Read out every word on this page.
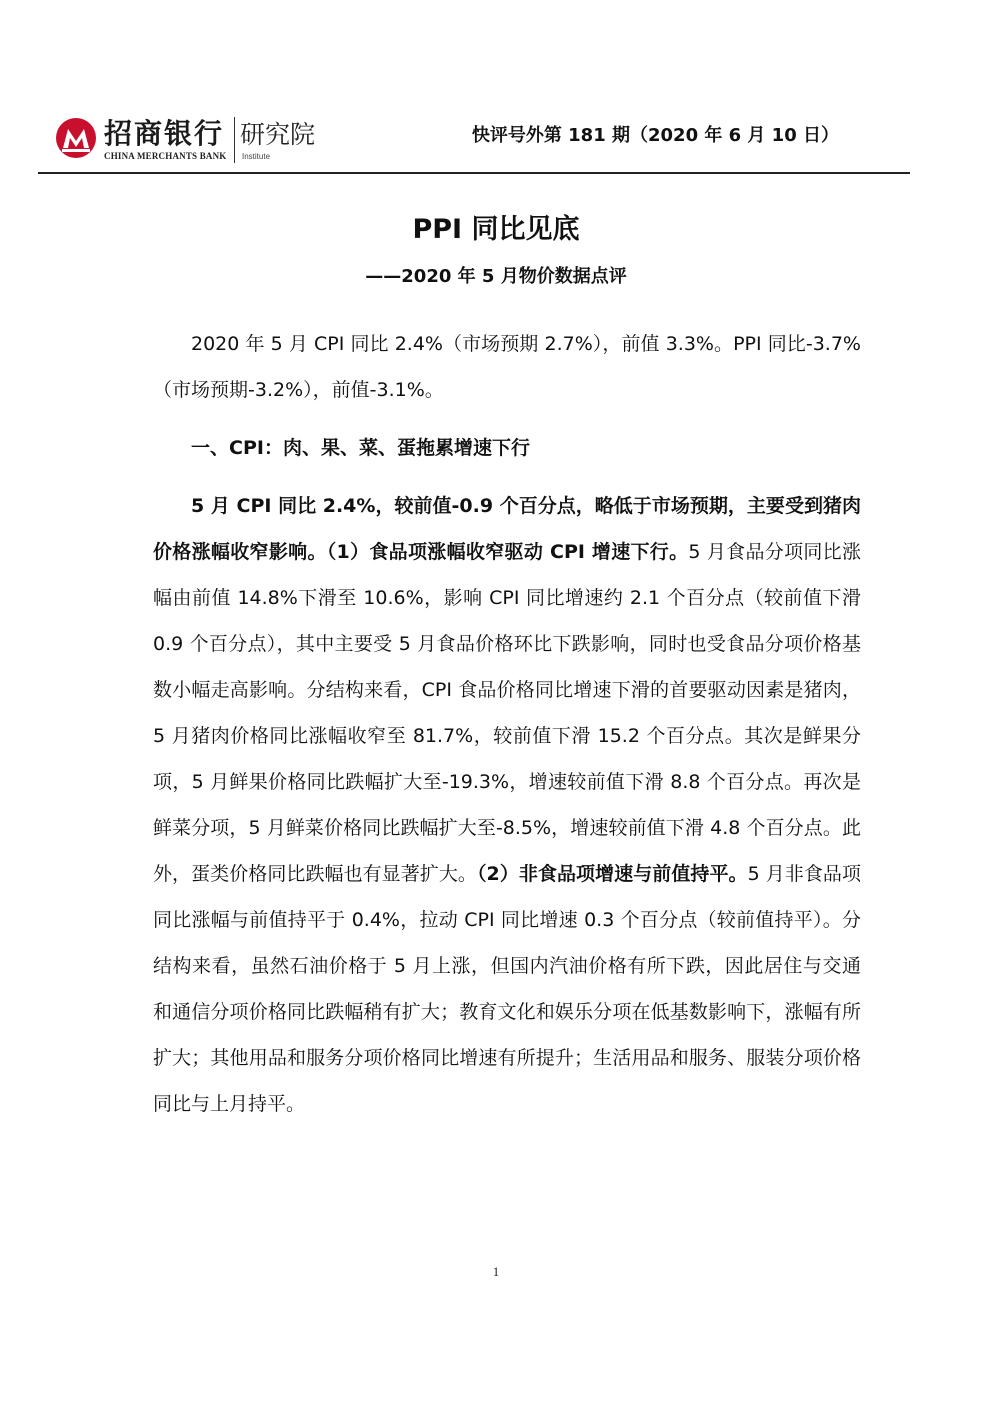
招商银行
CHINA MERCHANTS BANK
研究院
Institute
快评号外第 181 期（2020 年 6 月 10 日）
PPI 同比见底
——2020 年 5 月物价数据点评

2020 年 5 月 CPI 同比 2.4%（市场预期 2.7%），前值 3.3%。PPI 同比-3.7%（市场预期-3.2%），前值-3.1%。

一、CPI：肉、果、菜、蛋拖累增速下行

5 月 CPI 同比 2.4%，较前值-0.9 个百分点，略低于市场预期，主要受到猪肉价格涨幅收窄影响。（1）食品项涨幅收窄驱动 CPI 增速下行。5 月食品分项同比涨幅由前值 14.8%下滑至 10.6%，影响 CPI 同比增速约 2.1 个百分点（较前值下滑 0.9 个百分点），其中主要受 5 月食品价格环比下跌影响，同时也受食品分项价格基数小幅走高影响。分结构来看，CPI 食品价格同比增速下滑的首要驱动因素是猪肉，5 月猪肉价格同比涨幅收窄至 81.7%，较前值下滑 15.2 个百分点。其次是鲜果分项，5 月鲜果价格同比跌幅扩大至-19.3%，增速较前值下滑 8.8 个百分点。再次是鲜菜分项，5 月鲜菜价格同比跌幅扩大至-8.5%，增速较前值下滑 4.8 个百分点。此外，蛋类价格同比跌幅也有显著扩大。（2）非食品项增速与前值持平。5 月非食品项同比涨幅与前值持平于 0.4%，拉动 CPI 同比增速 0.3 个百分点（较前值持平）。分结构来看，虽然石油价格于 5 月上涨，但国内汽油价格有所下跌，因此居住与交通和通信分项价格同比跌幅稍有扩大；教育文化和娱乐分项在低基数影响下，涨幅有所扩大；其他用品和服务分项价格同比增速有所提升；生活用品和服务、服装分项价格同比与上月持平。

1
